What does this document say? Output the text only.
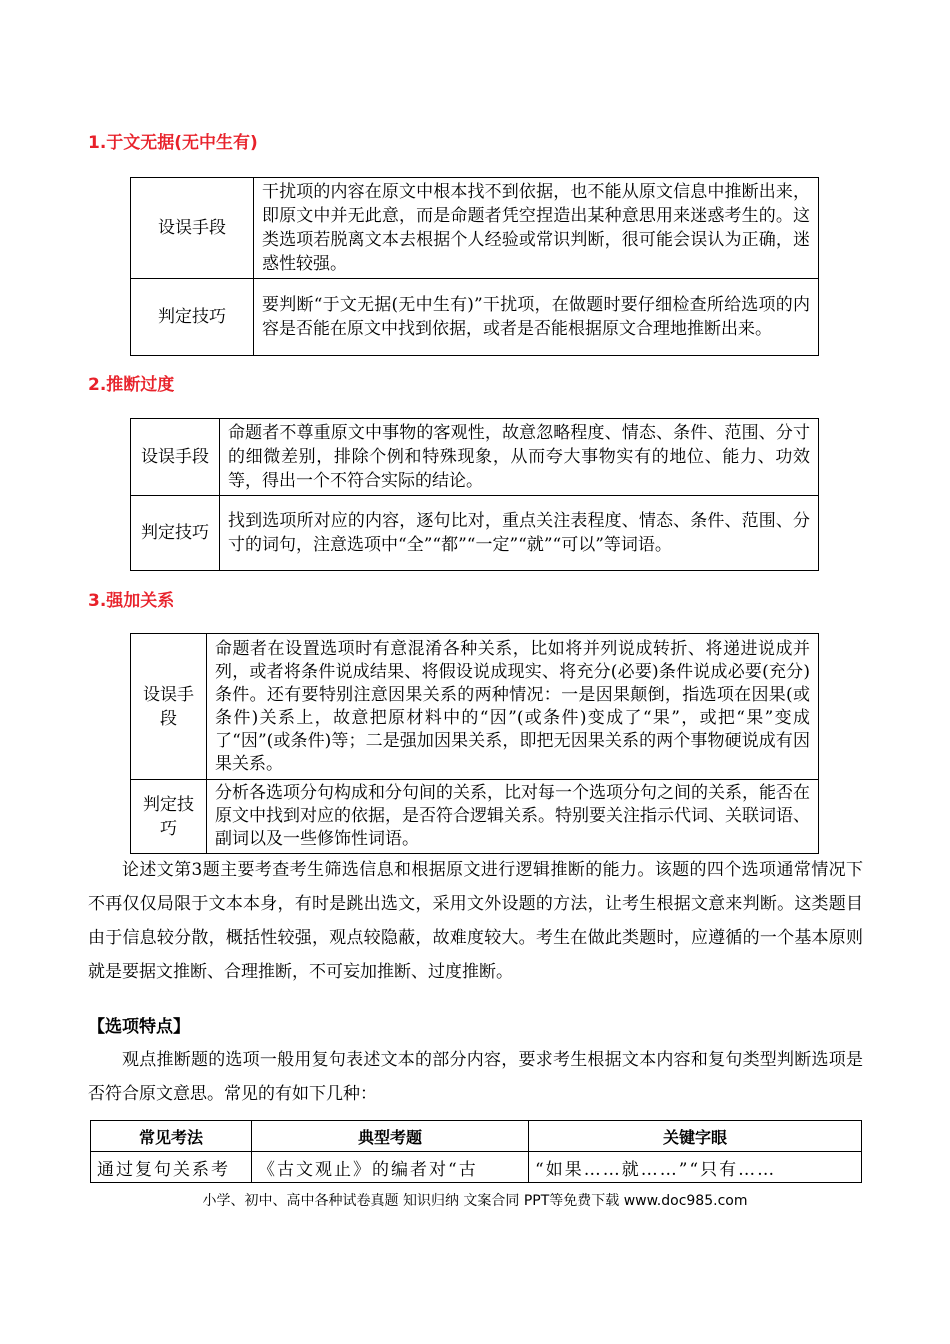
1.于文无据(无中生有)
设误手段	干扰项的内容在原文中根本找不到依据，也不能从原文信息中推断出来，即原文中并无此意，而是命题者凭空捏造出某种意思用来迷惑考生的。这类选项若脱离文本去根据个人经验或常识判断，很可能会误认为正确，迷惑性较强。
判定技巧	要判断“于文无据(无中生有)”干扰项，在做题时要仔细检查所给选项的内容是否能在原文中找到依据，或者是否能根据原文合理地推断出来。
2.推断过度
设误手段	命题者不尊重原文中事物的客观性，故意忽略程度、情态、条件、范围、分寸的细微差别，排除个例和特殊现象，从而夸大事物实有的地位、能力、功效等，得出一个不符合实际的结论。
判定技巧	找到选项所对应的内容，逐句比对，重点关注表程度、情态、条件、范围、分寸的词句，注意选项中“全”“都”“一定”“就”“可以”等词语。
3.强加关系
设误手段	命题者在设置选项时有意混淆各种关系，比如将并列说成转折、将递进说成并列，或者将条件说成结果、将假设说成现实、将充分(必要)条件说成必要(充分)条件。还有要特别注意因果关系的两种情况：一是因果颠倒，指选项在因果(或条件)关系上，故意把原材料中的“因”(或条件)变成了“果”，或把“果”变成了“因”(或条件)等；二是强加因果关系，即把无因果关系的两个事物硬说成有因果关系。
判定技巧	分析各选项分句构成和分句间的关系，比对每一个选项分句之间的关系，能否在原文中找到对应的依据，是否符合逻辑关系。特别要关注指示代词、关联词语、副词以及一些修饰性词语。

论述文第3题主要考查考生筛选信息和根据原文进行逻辑推断的能力。该题的四个选项通常情况下不再仅仅局限于文本本身，有时是跳出选文，采用文外设题的方法，让考生根据文意来判断。这类题目由于信息较分散，概括性较强，观点较隐蔽，故难度较大。考生在做此类题时，应遵循的一个基本原则就是要据文推断、合理推断，不可妄加推断、过度推断。

【选项特点】

观点推断题的选项一般用复句表述文本的部分内容，要求考生根据文本内容和复句类型判断选项是否符合原文意思。常见的有如下几种：

常见考法	典型考题	关键字眼
通过复句关系考	《古文观止》的编者对“古	“如果……就……”“只有……
小学、初中、高中各种试卷真题 知识归纳 文案合同 PPT等免费下载 www.doc985.com
